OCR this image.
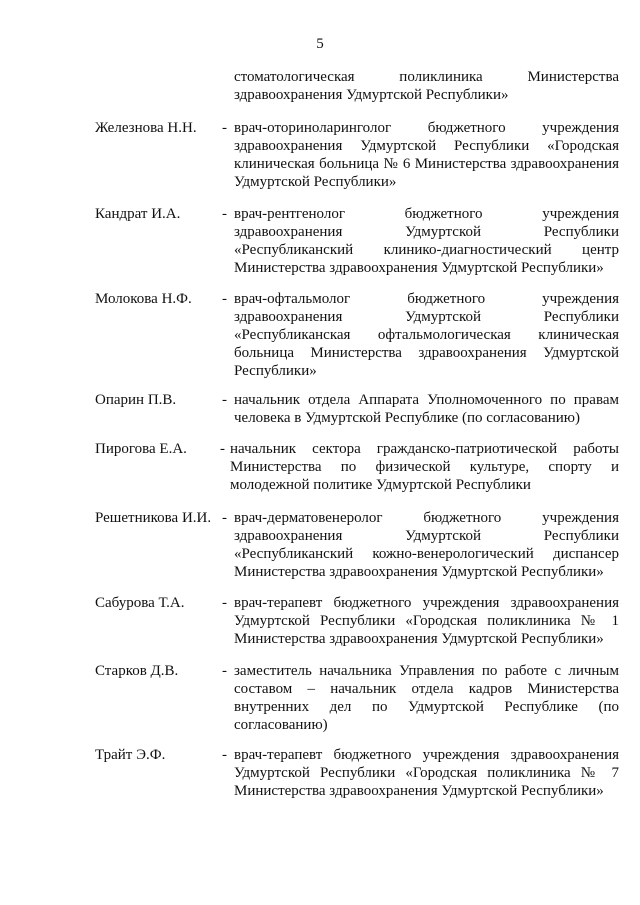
5
стоматологическая поликлиника Министерства здравоохранения Удмуртской Республики»
Железнова Н.Н.	- врач-оториноларинголог бюджетного учреждения здравоохранения Удмуртской Республики «Городская клиническая больница № 6 Министерства здравоохранения Удмуртской Республики»
Кандрат И.А.	- врач-рентгенолог бюджетного учреждения здравоохранения Удмуртской Республики «Республиканский клинико-диагностический центр Министерства здравоохранения Удмуртской Республики»
Молокова Н.Ф.	- врач-офтальмолог бюджетного учреждения здравоохранения Удмуртской Республики «Республиканская офтальмологическая клиническая больница Министерства здравоохранения Удмуртской Республики»
Опарин П.В.	- начальник отдела Аппарата Уполномоченного по правам человека в Удмуртской Республике (по согласованию)
Пирогова Е.А.	- начальник сектора гражданско-патриотической работы Министерства по физической культуре, спорту и молодежной политике Удмуртской Республики
Решетникова И.И. - врач-дерматовенеролог бюджетного учреждения здравоохранения Удмуртской Республики «Республиканский кожно-венерологический диспансер Министерства здравоохранения Удмуртской Республики»
Сабурова Т.А.	- врач-терапевт бюджетного учреждения здравоохранения Удмуртской Республики «Городская поликлиника № 1 Министерства здравоохранения Удмуртской Республики»
Старков Д.В.	- заместитель начальника Управления по работе с личным составом – начальник отдела кадров Министерства внутренних дел по Удмуртской Республике (по согласованию)
Трайт Э.Ф.	- врач-терапевт бюджетного учреждения здравоохранения Удмуртской Республики «Городская поликлиника № 7 Министерства здравоохранения Удмуртской Республики»
